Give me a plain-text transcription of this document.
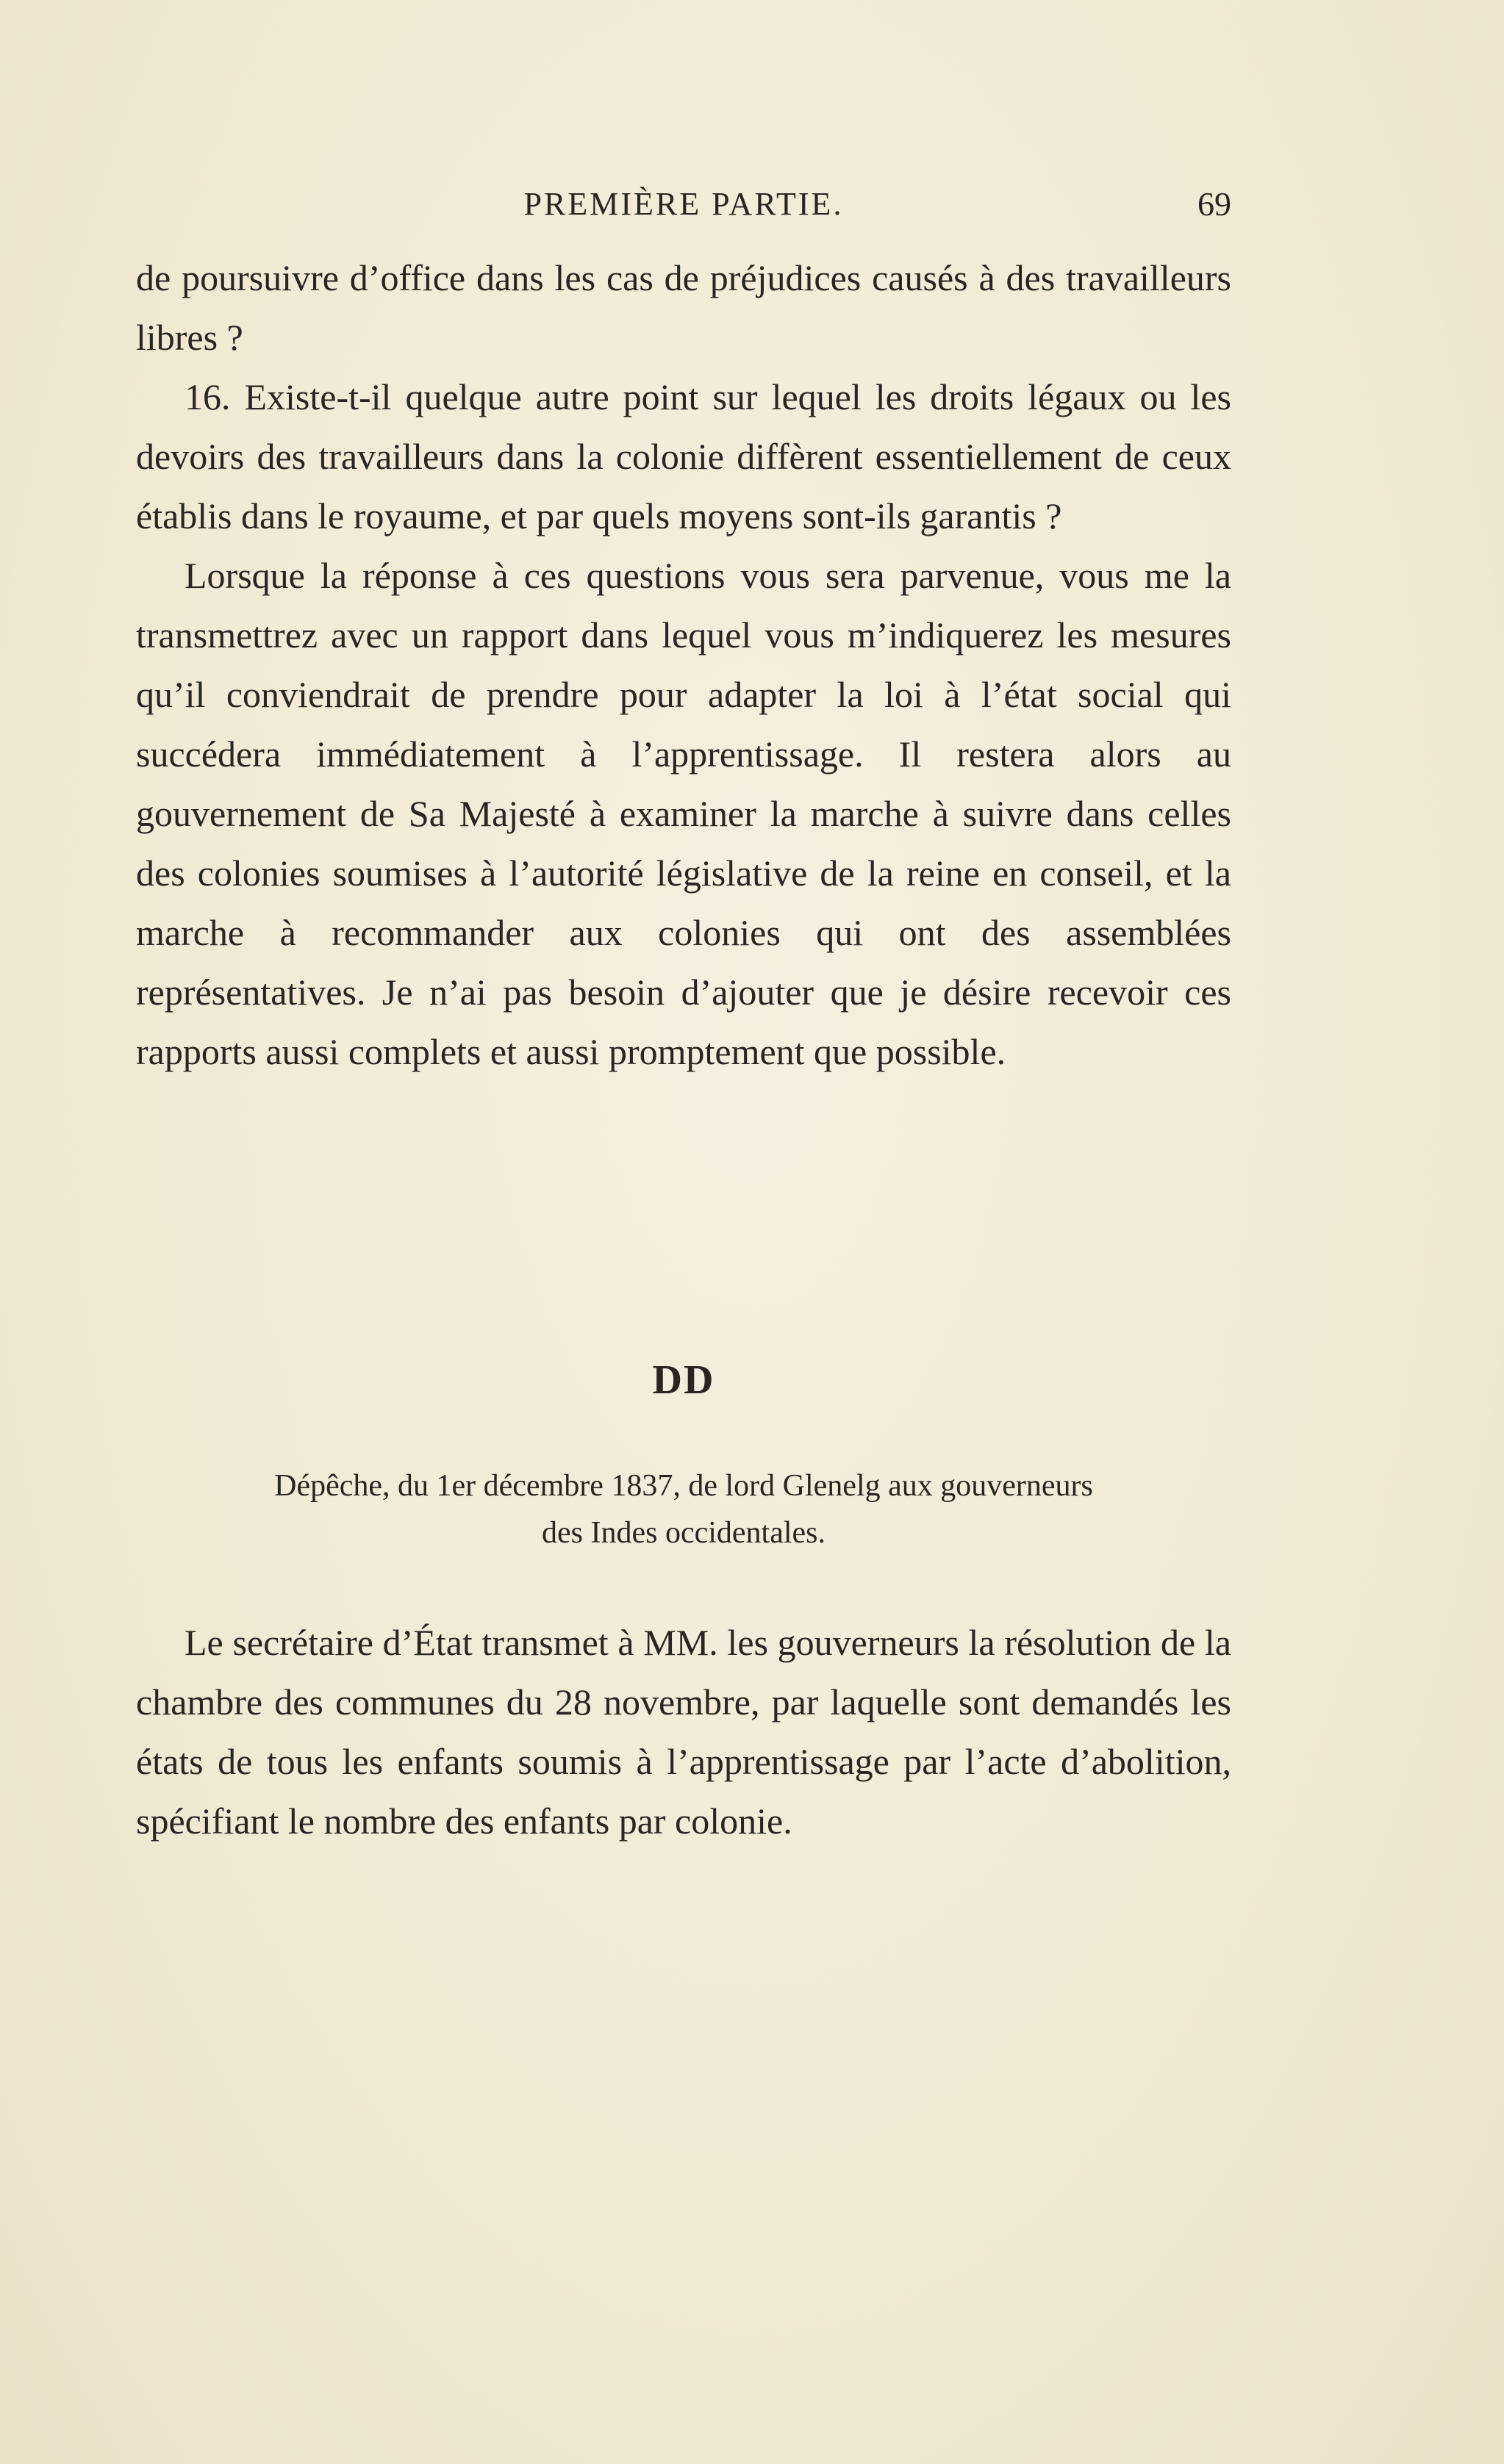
PREMIÈRE PARTIE.	69

de poursuivre d’office dans les cas de préjudices causés à des travailleurs libres ?

16. Existe-t-il quelque autre point sur lequel les droits légaux ou les devoirs des travailleurs dans la colonie diffèrent essentiellement de ceux établis dans le royaume, et par quels moyens sont-ils garantis ?

Lorsque la réponse à ces questions vous sera parvenue, vous me la transmettrez avec un rapport dans lequel vous m’indiquerez les mesures qu’il conviendrait de prendre pour adapter la loi à l’état social qui succédera immédiatement à l’apprentissage. Il restera alors au gouvernement de Sa Majesté à examiner la marche à suivre dans celles des colonies soumises à l’autorité législative de la reine en conseil, et la marche à recommander aux colonies qui ont des assemblées représentatives. Je n’ai pas besoin d’ajouter que je désire recevoir ces rapports aussi complets et aussi promptement que possible.

DD
Dépêche, du 1er décembre 1837, de lord Glenelg aux gouverneurs
des Indes occidentales.

Le secrétaire d’État transmet à MM. les gouverneurs la résolution de la chambre des communes du 28 novembre, par laquelle sont demandés les états de tous les enfants soumis à l’apprentissage par l’acte d’abolition, spécifiant le nombre des enfants par colonie.
